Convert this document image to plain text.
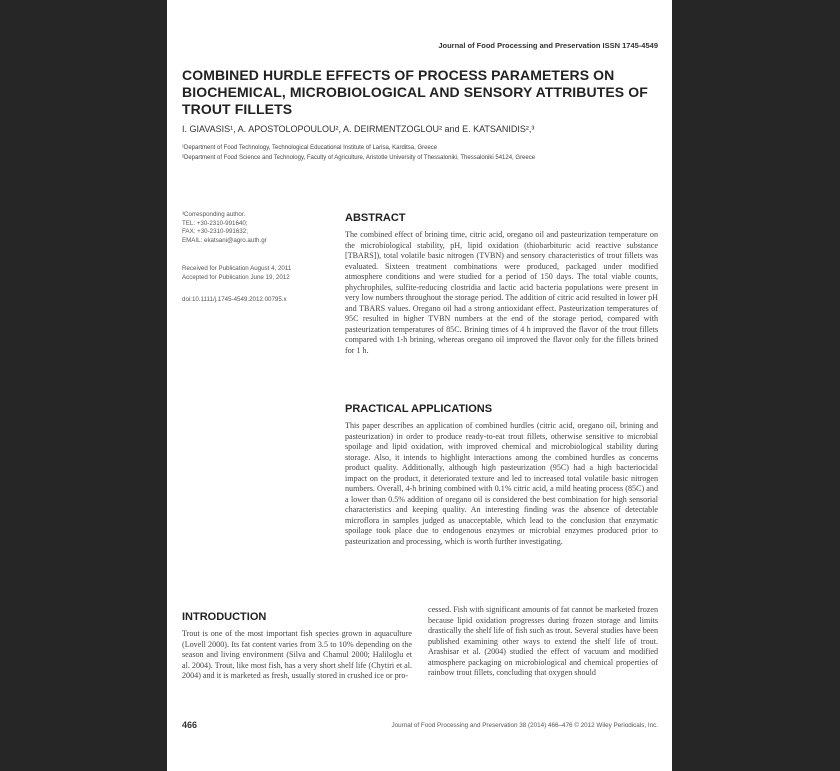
Journal of Food Processing and Preservation ISSN 1745-4549
COMBINED HURDLE EFFECTS OF PROCESS PARAMETERS ON BIOCHEMICAL, MICROBIOLOGICAL AND SENSORY ATTRIBUTES OF TROUT FILLETS
I. GIAVASIS¹, A. APOSTOLOPOULOU², A. DEIRMENTZOGLOU² and E. KATSANIDIS²,³
¹Department of Food Technology, Technological Educational Institute of Larisa, Karditsa, Greece
²Department of Food Science and Technology, Faculty of Agriculture, Aristotle University of Thessaloniki, Thessaloniki 54124, Greece
³Corresponding author.
TEL: +30-2310-991640;
FAX: +30-2310-991632;
EMAIL: ekatsani@agro.auth.gr
Received for Publication August 4, 2011
Accepted for Publication June 19, 2012
doi:10.1111/j.1745-4549.2012.00795.x
ABSTRACT
The combined effect of brining time, citric acid, oregano oil and pasteurization temperature on the microbiological stability, pH, lipid oxidation (thiobarbituric acid reactive substance [TBARS]), total volatile basic nitrogen (TVBN) and sensory characteristics of trout fillets was evaluated. Sixteen treatment combinations were produced, packaged under modified atmosphere conditions and were studied for a period of 150 days. The total viable counts, phychrophiles, sulfite-reducing clostridia and lactic acid bacteria populations were present in very low numbers throughout the storage period. The addition of citric acid resulted in lower pH and TBARS values. Oregano oil had a strong antioxidant effect. Pasteurization temperatures of 95C resulted in higher TVBN numbers at the end of the storage period, compared with pasteurization temperatures of 85C. Brining times of 4 h improved the flavor of the trout fillets compared with 1-h brining, whereas oregano oil improved the flavor only for the fillets brined for 1 h.
PRACTICAL APPLICATIONS
This paper describes an application of combined hurdles (citric acid, oregano oil, brining and pasteurization) in order to produce ready-to-eat trout fillets, otherwise sensitive to microbial spoilage and lipid oxidation, with improved chemical and microbiological stability during storage. Also, it intends to highlight interactions among the combined hurdles as concerns product quality. Additionally, although high pasteurization (95C) had a high bacteriocidal impact on the product, it deteriorated texture and led to increased total volatile basic nitrogen numbers. Overall, 4-h brining combined with 0.1% citric acid, a mild heating process (85C) and a lower than 0.5% addition of oregano oil is considered the best combination for high sensorial characteristics and keeping quality. An interesting finding was the absence of detectable microflora in samples judged as unacceptable, which lead to the conclusion that enzymatic spoilage took place due to endogenous enzymes or microbial enzymes produced prior to pasteurization and processing, which is worth further investigating.
INTRODUCTION
Trout is one of the most important fish species grown in aquaculture (Lovell 2000). Its fat content varies from 3.5 to 10% depending on the season and living environment (Silva and Chamul 2000; Haliloglu et al. 2004). Trout, like most fish, has a very short shelf life (Chytiri et al. 2004) and it is marketed as fresh, usually stored in crushed ice or pro-
cessed. Fish with significant amounts of fat cannot be marketed frozen because lipid oxidation progresses during frozen storage and limits drastically the shelf life of fish such as trout. Several studies have been published examining other ways to extend the shelf life of trout. Arashisar et al. (2004) studied the effect of vacuum and modified atmosphere packaging on microbiological and chemical properties of rainbow trout fillets, concluding that oxygen should
466	Journal of Food Processing and Preservation 38 (2014) 466–476 © 2012 Wiley Periodicals, Inc.
